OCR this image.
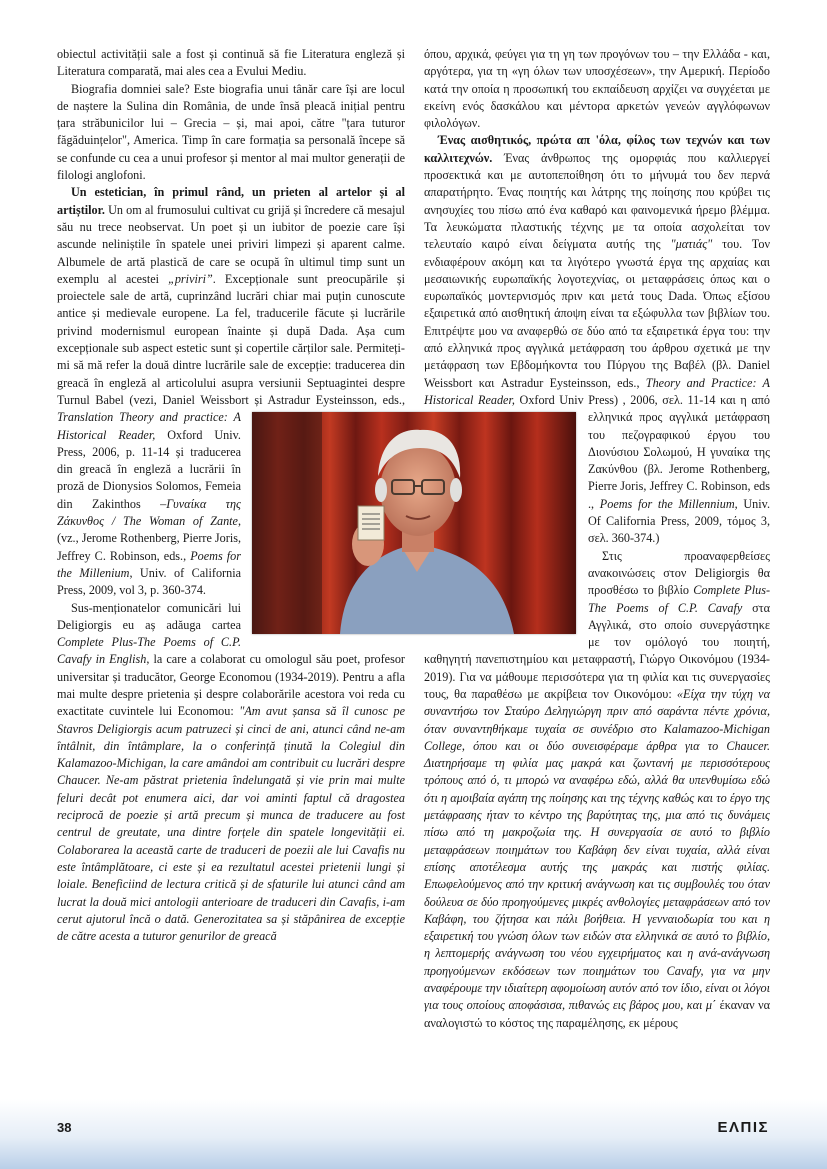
obiectul activității sale a fost și continuă să fie Literatura engleză și Literatura comparată, mai ales cea a Evului Mediu.

Biografia domniei sale? Este biografia unui tânăr care își are locul de naștere la Sulina din România, de unde însă pleacă inițial pentru țara străbunicilor lui – Grecia – și, mai apoi, către "țara tuturor făgăduințelor", America. Timp în care formația sa personală începe să se confunde cu cea a unui profesor și mentor al mai multor generații de filologi anglofoni.

Un estetician, în primul rând, un prieten al artelor și al artiștilor. Un om al frumosului cultivat cu grijă și încredere că mesajul său nu trece neobservat. Un poet și un iubitor de poezie care își ascunde neliniștile în spatele unei priviri limpezi și aparent calme. Albumele de artă plastică de care se ocupă în ultimul timp sunt un exemplu al acestei „priviri”. Excepționale sunt preocupările și proiectele sale de artă, cuprinzând lucrări chiar mai puțin cunoscute antice și medievale europene. La fel, traducerile făcute și lucrările privind modernismul european înainte și după Dada. Așa cum excepționale sub aspect estetic sunt și copertile cărților sale. Permiteți-mi să mă refer la două dintre lucrările sale de excepție: traducerea din greacă în engleză al articolului asupra versiunii Septuagintei despre Turnul Babel (vezi, Daniel Weissbort și Astradur Eysteinsson, eds., Translation Theory and practice: A Historical Reader, Oxford Univ. Press, 2006, p. 11-14 și traducerea din greacă în engleză a lucrării în proză de Dionysios Solomos, Femeia din Zakinthos –Γυναίκα της Ζάκυνθος / The Woman of Zante, (vz., Jerome Rothenberg, Pierre Joris, Jeffrey C. Robinson, eds., Poems for the Millenium, Univ. of California Press, 2009, vol 3, p. 360-374.

Sus-menționatelor comunicări lui Deligiorgis eu aș adăuga cartea Complete Plus-The Poems of C.P. Cavafy in English, la care a colaborat cu omologul său poet, profesor universitar și traducător, George Economou (1934-2019). Pentru a afla mai multe despre prietenia și despre colaborările acestora voi reda cu exactitate cuvintele lui Economou: "Am avut șansa să îl cunosc pe Stavros Deligiorgis acum patruzeci și cinci de ani, atunci când ne-am întâlnit, din întâmplare, la o conferință ținută la Colegiul din Kalamazoo-Michigan, la care amândoi am contribuit cu lucrări despre Chaucer. Ne-am păstrat prietenia îndelungată și vie prin mai multe feluri decât pot enumera aici, dar voi aminti faptul că dragostea reciprocă de poezie și artă precum și munca de traducere au fost centrul de greutate, una dintre forțele din spatele longevității ei. Colaborarea la această carte de traduceri de poezii ale lui Cavafis nu este întâmplătoare, ci este și ea rezultatul acestei prietenii lungi și loiale. Beneficiind de lectura critică și de sfaturile lui atunci când am lucrat la două mici antologii anterioare de traduceri din Cavafis, i-am cerut ajutorul încă o dată. Generozitatea sa și stăpânirea de excepție de către acesta a tuturor genurilor de greacă

όπου, αρχικά, φεύγει για τη γη των προγόνων του – την Ελλάδα - και, αργότερα, για τη «γη όλων των υποσχέσεων», την Αμερική. Περίοδο κατά την οποία η προσωπική του εκπαίδευση αρχίζει να συγχέεται με εκείνη ενός δασκάλου και μέντορα αρκετών γενεών αγγλόφωνων φιλολόγων.

Ένας αισθητικός, πρώτα απ 'όλα, φίλος των τεχνών και των καλλιτεχνών. Ένας άνθρωπος της ομορφιάς που καλλιεργεί προσεκτικά και με αυτοπεποίθηση ότι το μήνυμά του δεν περνά απαρατήρητο. Ένας ποιητής και λάτρης της ποίησης που κρύβει τις ανησυχίες του πίσω από ένα καθαρό και φαινομενικά ήρεμο βλέμμα. Τα λευκώματα πλαστικής τέχνης με τα οποία ασχολείται τον τελευταίο καιρό είναι δείγματα αυτής της "ματιάς" του. Τον ενδιαφέρουν ακόμη και τα λιγότερο γνωστά έργα της αρχαίας και μεσαιωνικής ευρωπαϊκής λογοτεχνίας, οι μεταφράσεις όπως και ο ευρωπαϊκός μοντερνισμός πριν και μετά τους Dada. Όπως εξίσου εξαιρετικά από αισθητική άποψη είναι τα εξώφυλλα των βιβλίων του. Επιτρέψτε μου να αναφερθώ σε δύο από τα εξαιρετικά έργα του: την από ελληνικά προς αγγλικά μετάφραση του άρθρου σχετικά με την μετάφραση των Εβδομήκοντα του Πύργου της Βαβέλ (βλ. Daniel Weissbort και Astradur Eysteinsson, eds., Theory and Practice: A Historical Reader, Oxford Univ Press) , 2006, σελ. 11-14 και η από ελληνικά προς αγγλικά μετάφραση του πεζογραφικού έργου του Διονύσιου Σολωμού, Η γυναίκα της Ζακύνθου (βλ. Jerome Rothenberg, Pierre Joris, Jeffrey C. Robinson, eds ., Poems for the Millennium, Univ. Of California Press, 2009, τόμος 3, σελ. 360-374.)

Στις προαναφερθείσες ανακοινώσεις στον Deligiorgis θα προσθέσω το βιβλίο Complete Plus-The Poems of C.P. Cavafy στα Αγγλικά, στο οποίο συνεργάστηκε με τον ομόλογό του ποιητή, καθηγητή πανεπιστημίου και μεταφραστή, Γιώργο Οικονόμου (1934-2019). Για να μάθουμε περισσότερα για τη φιλία και τις συνεργασίες τους, θα παραθέσω με ακρίβεια τον Οικονόμου: «Είχα την τύχη να συναντήσω τον Σταύρο Δεληγιώργη πριν από σαράντα πέντε χρόνια, όταν συναντηθήκαμε τυχαία σε συνέδριο στο Kalamazoo-Michigan College, όπου και οι δύο συνεισφέραμε άρθρα για το Chaucer. Διατηρήσαμε τη φιλία μας μακρά και ζωντανή με περισσότερους τρόπους από ό, τι μπορώ να αναφέρω εδώ, αλλά θα υπενθυμίσω εδώ ότι η αμοιβαία αγάπη της ποίησης και της τέχνης καθώς και το έργο της μετάφρασης ήταν το κέντρο της βαρύτητας της, μια από τις δυνάμεις πίσω από τη μακροζωία της. Η συνεργασία σε αυτό το βιβλίο μεταφράσεων ποιημάτων του Καβάφη δεν είναι τυχαία, αλλά είναι επίσης αποτέλεσμα αυτής της μακράς και πιστής φιλίας. Επωφελούμενος από την κριτική ανάγνωση και τις συμβουλές του όταν δούλευα σε δύο προηγούμενες μικρές ανθολογίες μεταφράσεων από τον Καβάφη, του ζήτησα και πάλι βοήθεια. Η γενναιοδωρία του και η εξαιρετική του γνώση όλων των ειδών στα ελληνικά σε αυτό το βιβλίο, η λεπτομερής ανάγνωση του νέου εγχειρήματος και η ανά-ανάγνωση προηγούμενων εκδόσεων των ποιημάτων του Cavafy, για να μην αναφέρουμε την ιδιαίτερη αφομοίωση αυτόν από τον ίδιο, είναι οι λόγοι για τους οποίους αποφάσισα, πιθανώς εις βάρος μου, και μ΄ έκαναν να αναλογιστώ το κόστος της παραμέλησης, εκ μέρους

38	ΕΛΠΙΣ
